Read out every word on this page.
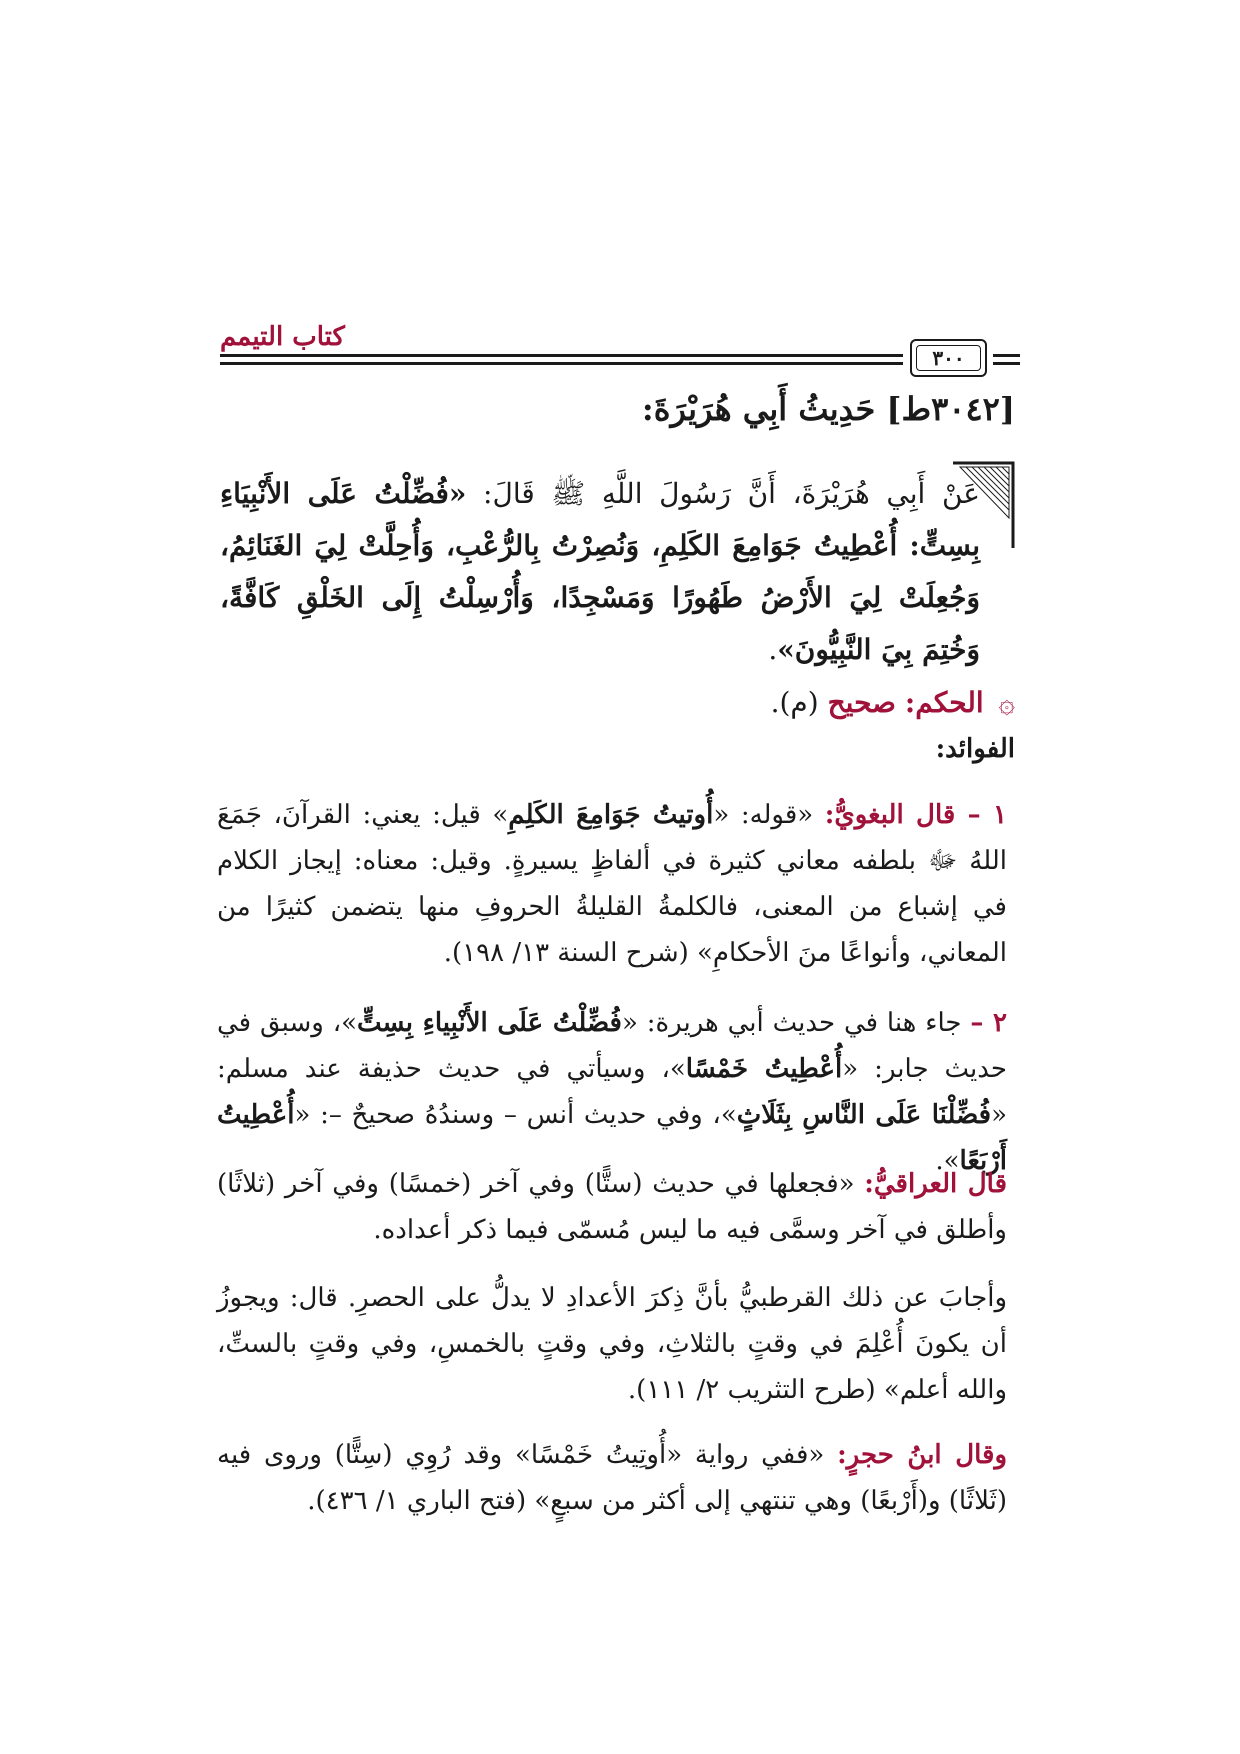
كتاب التيمم
٣٠٠
[٣٠٤٢ط] حَدِيثُ أَبِي هُرَيْرَةَ:
عَنْ أَبِي هُرَيْرَةَ، أَنَّ رَسُولَ اللَّهِ ﷺ قَالَ: «فُضِّلْتُ عَلَى الأَنْبِيَاءِ بِسِتٍّ: أُعْطِيتُ جَوَامِعَ الكَلِمِ، وَنُصِرْتُ بِالرُّعْبِ، وَأُحِلَّتْ لِيَ الغَنَائِمُ، وَجُعِلَتْ لِيَ الأَرْضُ طَهُورًا وَمَسْجِدًا، وَأُرْسِلْتُ إِلَى الخَلْقِ كَافَّةً، وَخُتِمَ بِيَ النَّبِيُّونَ».
۞ الحكم: صحيح (م).
الفوائد:
١ – قال البغويُّ: «قوله: «أُوتيتُ جَوَامِعَ الكَلِمِ» قيل: يعني: القرآنَ، جَمَعَ اللهُ ﷻ بلطفه معاني كثيرة في ألفاظٍ يسيرةٍ. وقيل: معناه: إيجاز الكلام في إشباع من المعنى، فالكلمةُ القليلةُ الحروفِ منها يتضمن كثيرًا من المعاني، وأنواعًا منَ الأحكامِ» (شرح السنة ١٣/ ١٩٨).
٢ – جاء هنا في حديث أبي هريرة: «فُضِّلْتُ عَلَى الأَنْبِياءِ بِسِتٍّ»، وسبق في حديث جابر: «أُعْطِيتُ خَمْسًا»، وسيأتي في حديث حذيفة عند مسلم: «فُضِّلْنَا عَلَى النَّاسِ بِثَلَاثٍ»، وفي حديث أنس – وسندُهُ صحيحٌ –: «أُعْطِيتُ أَرْبَعًا».
قال العراقيُّ: «فجعلها في حديث (ستًّا) وفي آخر (خمسًا) وفي آخر (ثلاثًا) وأطلق في آخر وسمَّى فيه ما ليس مُسمّى فيما ذكر أعداده.
وأجابَ عن ذلك القرطبيُّ بأنَّ ذِكرَ الأعدادِ لا يدلُّ على الحصرِ. قال: ويجوزُ أن يكونَ أُعْلِمَ في وقتٍ بالثلاثِ، وفي وقتٍ بالخمسِ، وفي وقتٍ بالستِّ، والله أعلم» (طرح التثريب ٢/ ١١١).
وقال ابنُ حجرٍ: «ففي رواية «أُوتِيتُ خَمْسًا» وقد رُوِي (سِتًّا) وروى فيه (ثَلاثًا) و(أَرْبعًا) وهي تنتهي إلى أكثر من سبعٍ» (فتح الباري ١/ ٤٣٦).
